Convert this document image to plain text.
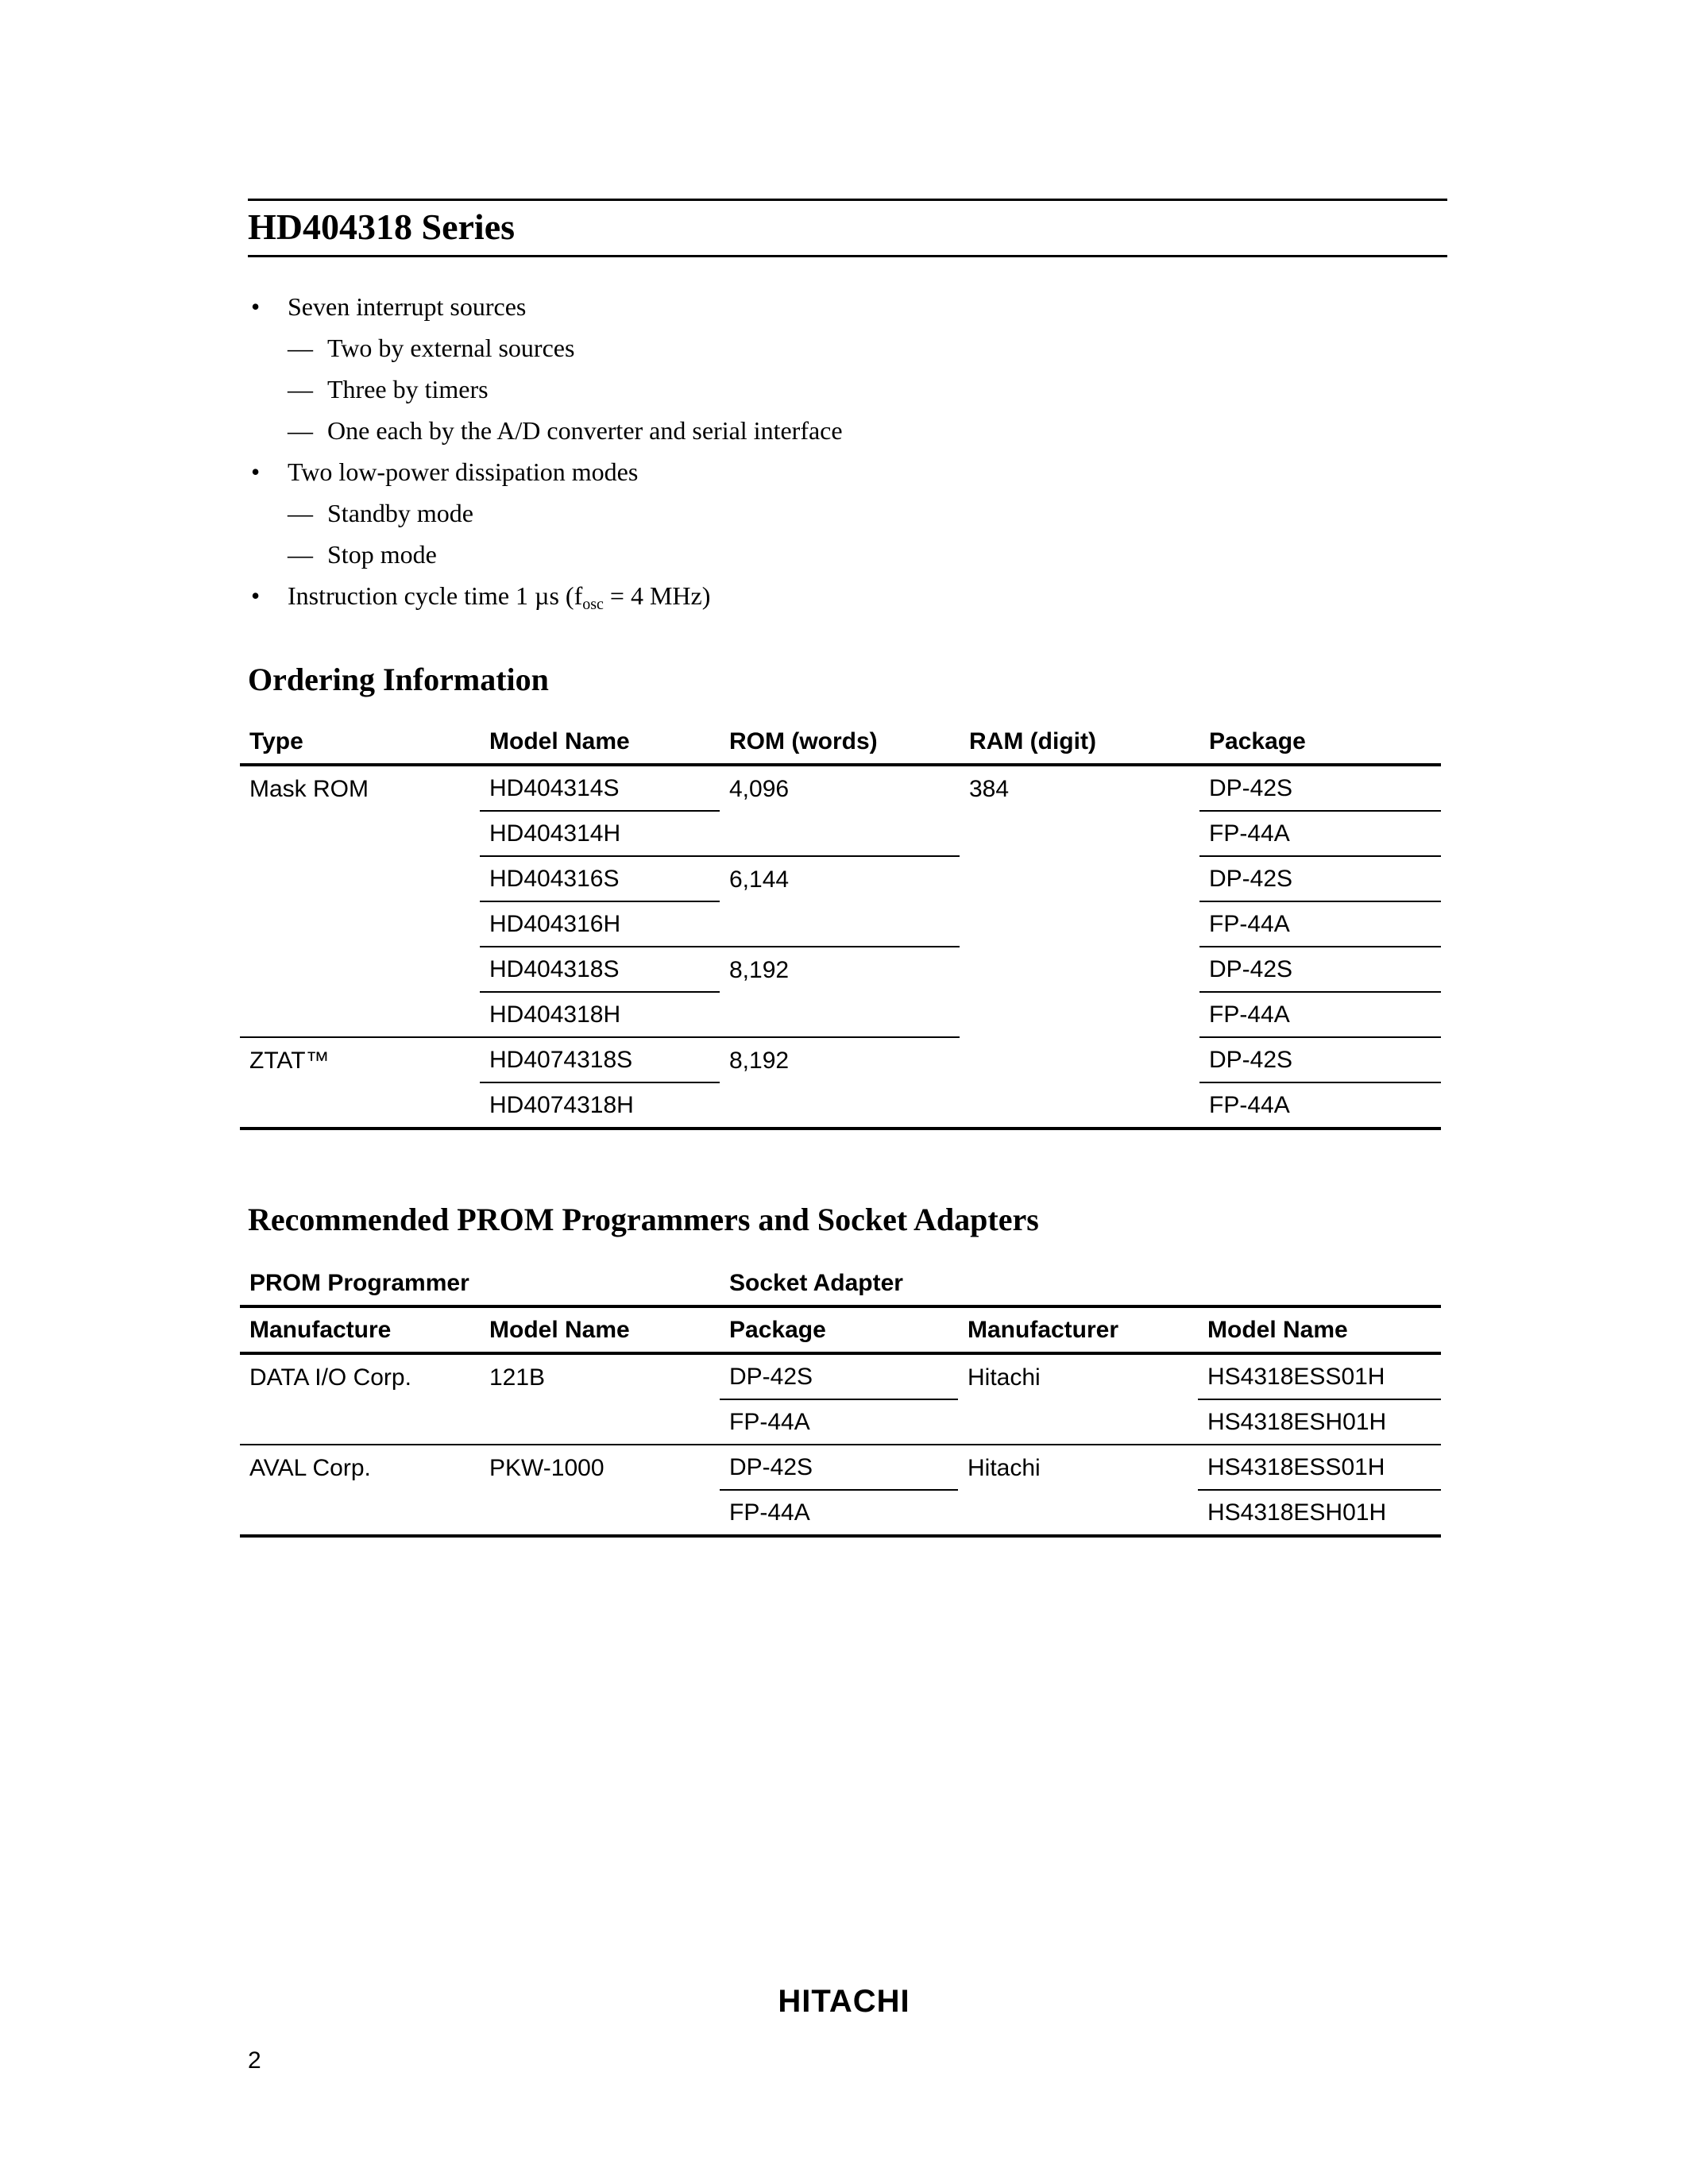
HD404318 Series
•	Seven interrupt sources
— Two by external sources
— Three by timers
— One each by the A/D converter and serial interface
•	Two low-power dissipation modes
— Standby mode
— Stop mode
•	Instruction cycle time 1 µs ($f_{osc} = 4$ MHz)
Ordering Information
Type	Model Name	ROM (words)	RAM (digit)	Package
Mask ROM	HD404314S	4,096	384	DP-42S
	HD404314H			FP-44A
	HD404316S	6,144		DP-42S
	HD404316H			FP-44A
	HD404318S	8,192		DP-42S
	HD404318H			FP-44A
ZTAT™	HD4074318S	8,192		DP-42S
	HD4074318H			FP-44A
Recommended PROM Programmers and Socket Adapters
PROM Programmer		Socket Adapter		
Manufacture	Model Name	Package	Manufacturer	Model Name
DATA I/O Corp.	121B	DP-42S	Hitachi	HS4318ESS01H
		FP-44A		HS4318ESH01H
AVAL Corp.	PKW-1000	DP-42S	Hitachi	HS4318ESS01H
		FP-44A		HS4318ESH01H
HITACHI
2
